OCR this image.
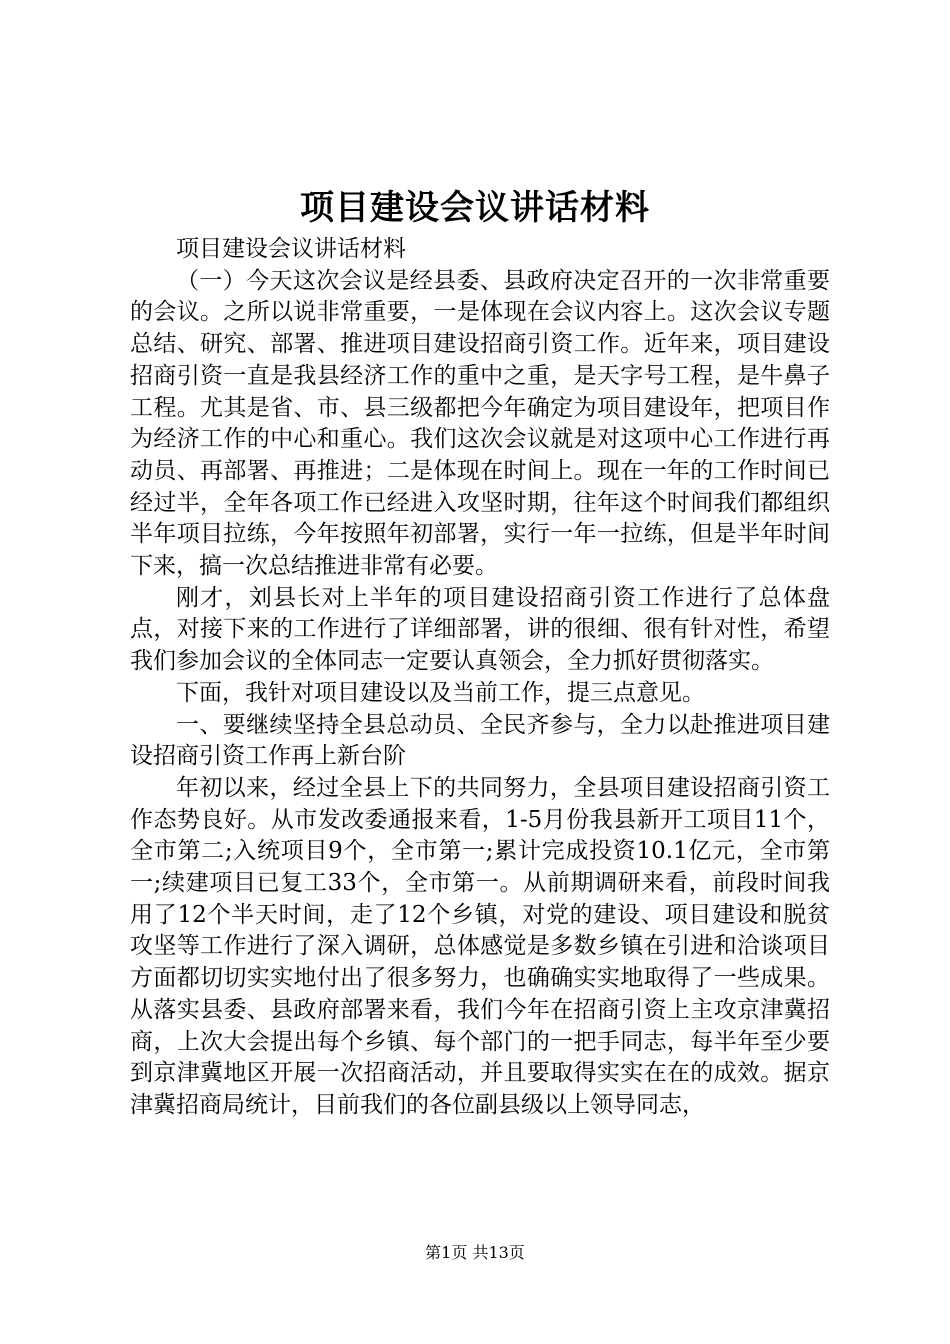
项目建设会议讲话材料

项目建设会议讲话材料

（一）今天这次会议是经县委、县政府决定召开的一次非常重要的会议。之所以说非常重要，一是体现在会议内容上。这次会议专题总结、研究、部署、推进项目建设招商引资工作。近年来，项目建设招商引资一直是我县经济工作的重中之重，是天字号工程，是牛鼻子工程。尤其是省、市、县三级都把今年确定为项目建设年，把项目作为经济工作的中心和重心。我们这次会议就是对这项中心工作进行再动员、再部署、再推进；二是体现在时间上。现在一年的工作时间已经过半，全年各项工作已经进入攻坚时期，往年这个时间我们都组织半年项目拉练，今年按照年初部署，实行一年一拉练，但是半年时间下来，搞一次总结推进非常有必要。

刚才，刘县长对上半年的项目建设招商引资工作进行了总体盘点，对接下来的工作进行了详细部署，讲的很细、很有针对性，希望我们参加会议的全体同志一定要认真领会，全力抓好贯彻落实。

下面，我针对项目建设以及当前工作，提三点意见。

一、要继续坚持全县总动员、全民齐参与，全力以赴推进项目建设招商引资工作再上新台阶

年初以来，经过全县上下的共同努力，全县项目建设招商引资工作态势良好。从市发改委通报来看，1-5月份我县新开工项目11个，全市第二;入统项目9个，全市第一;累计完成投资10.1亿元，全市第一;续建项目已复工33个，全市第一。从前期调研来看，前段时间我用了12个半天时间，走了12个乡镇，对党的建设、项目建设和脱贫攻坚等工作进行了深入调研，总体感觉是多数乡镇在引进和洽谈项目方面都切切实实地付出了很多努力，也确确实实地取得了一些成果。从落实县委、县政府部署来看，我们今年在招商引资上主攻京津冀招商，上次大会提出每个乡镇、每个部门的一把手同志，每半年至少要到京津冀地区开展一次招商活动，并且要取得实实在在的成效。据京津冀招商局统计，目前我们的各位副县级以上领导同志，

第1页 共13页
